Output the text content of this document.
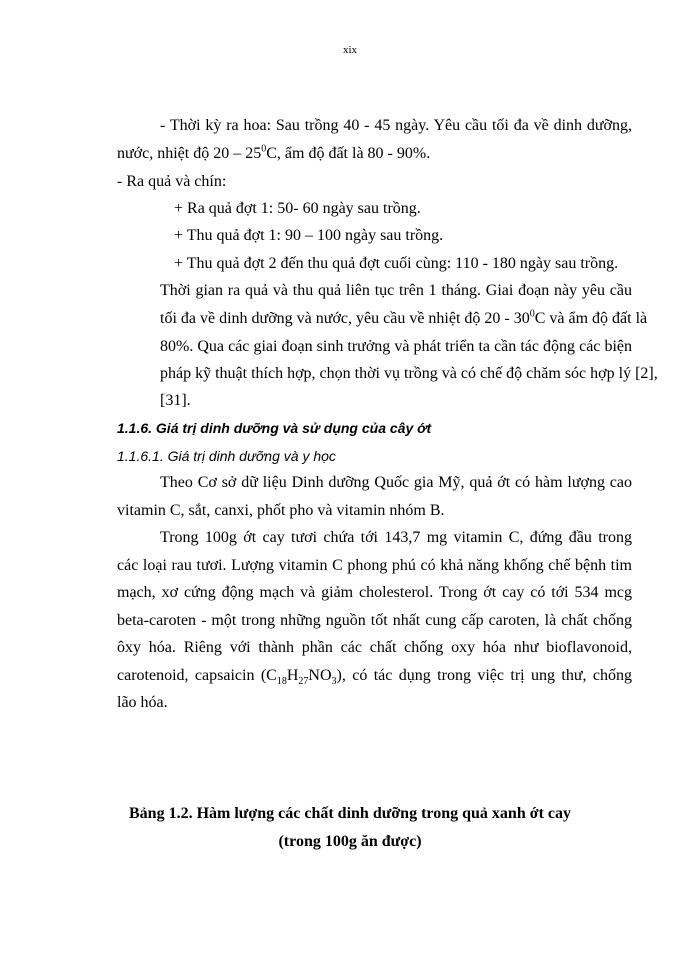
xix
- Thời kỳ ra hoa: Sau trồng 40 - 45 ngày. Yêu cầu tối đa về dinh dưỡng,
nước, nhiệt độ $20 - 25^0C$, ẩm độ đất là 80 - 90%.
- Ra quả và chín:
+ Ra quả đợt 1: 50- 60 ngày sau trồng.
+ Thu quả đợt 1: 90 – 100 ngày sau trồng.
+ Thu quả đợt 2 đến thu quả đợt cuối cùng: 110 - 180 ngày sau trồng.
Thời gian ra quả và thu quả liên tục trên 1 tháng. Giai đoạn này yêu cầu
tối đa về dinh dưỡng và nước, yêu cầu về nhiệt độ $20 - 30^0C$ và ẩm độ đất là
80%. Qua các giai đoạn sinh trưởng và phát triển ta cần tác động các biện
pháp kỹ thuật thích hợp, chọn thời vụ trồng và có chế độ chăm sóc hợp lý [2],
[31].
1.1.6. Giá trị dinh dưỡng và sử dụng của cây ớt
1.1.6.1. Giá trị dinh dưỡng và y học
Theo Cơ sở dữ liệu Dinh dưỡng Quốc gia Mỹ, quả ớt có hàm lượng cao
vitamin C, sắt, canxi, phốt pho và vitamin nhóm B.
Trong 100g ớt cay tươi chứa tới 143,7 mg vitamin C, đứng đầu trong
các loại rau tươi. Lượng vitamin C phong phú có khả năng khống chế bệnh tim
mạch, xơ cứng động mạch và giảm cholesterol. Trong ớt cay có tới 534 mcg
beta-caroten - một trong những nguồn tốt nhất cung cấp caroten, là chất chống
ôxy hóa. Riêng với thành phần các chất chống oxy hóa như bioflavonoid,
carotenoid, capsaicin $(C_{18}H_{27}NO_3)$, có tác dụng trong việc trị ung thư, chống
lão hóa.
Bảng 1.2. Hàm lượng các chất dinh dưỡng trong quả xanh ớt cay
(trong 100g ăn được)
